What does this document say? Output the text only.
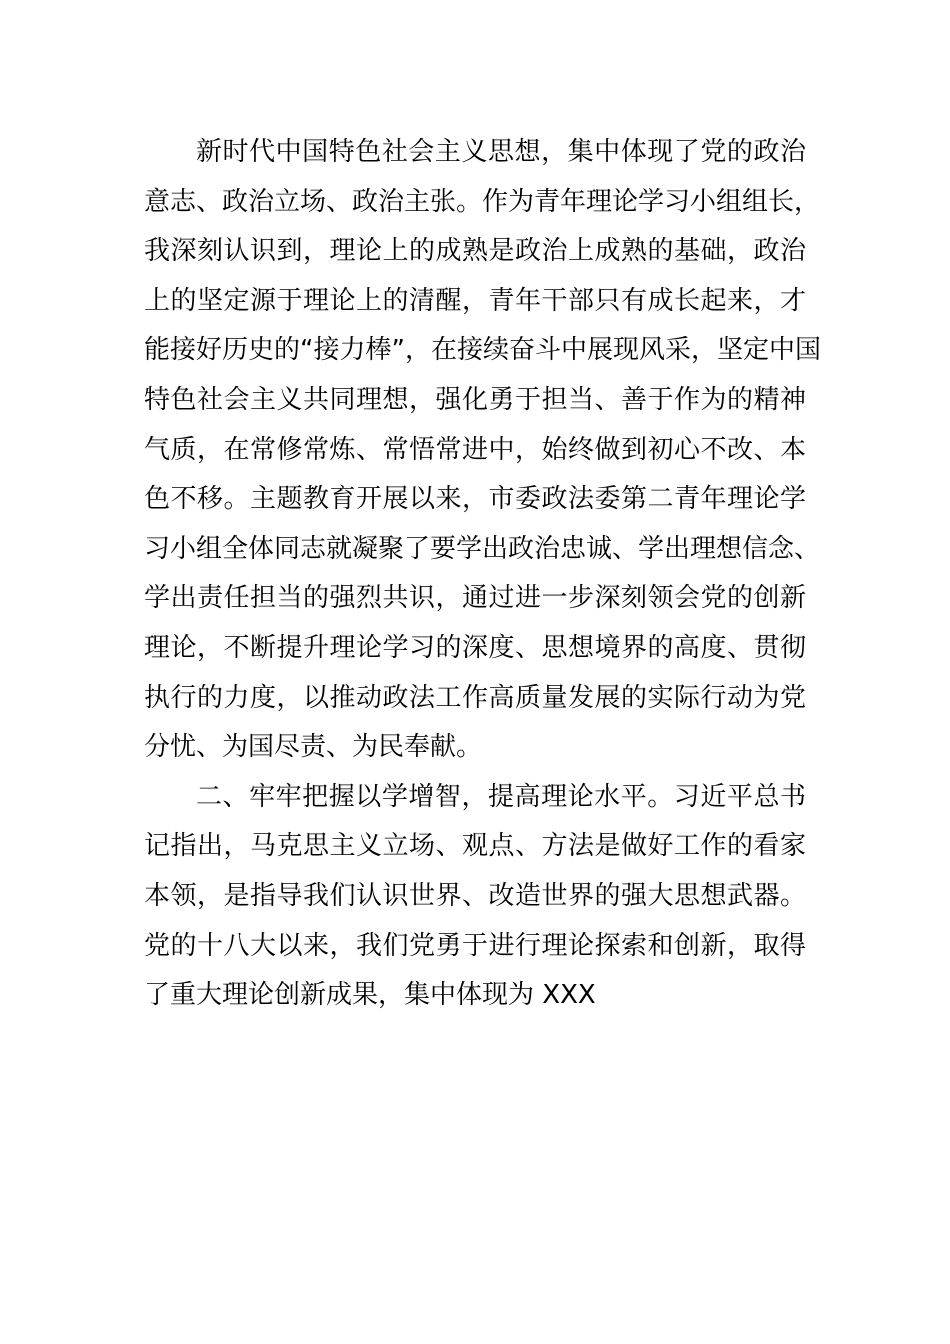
新时代中国特色社会主义思想，集中体现了党的政治
意志、政治立场、政治主张。作为青年理论学习小组组长，
我深刻认识到，理论上的成熟是政治上成熟的基础，政治
上的坚定源于理论上的清醒，青年干部只有成长起来，才
能接好历史的“接力棒”，在接续奋斗中展现风采，坚定中国
特色社会主义共同理想，强化勇于担当、善于作为的精神
气质，在常修常炼、常悟常进中，始终做到初心不改、本
色不移。主题教育开展以来，市委政法委第二青年理论学
习小组全体同志就凝聚了要学出政治忠诚、学出理想信念、
学出责任担当的强烈共识，通过进一步深刻领会党的创新
理论，不断提升理论学习的深度、思想境界的高度、贯彻
执行的力度，以推动政法工作高质量发展的实际行动为党
分忧、为国尽责、为民奉献。
二、牢牢把握以学增智，提高理论水平。习近平总书
记指出，马克思主义立场、观点、方法是做好工作的看家
本领，是指导我们认识世界、改造世界的强大思想武器。
党的十八大以来，我们党勇于进行理论探索和创新，取得
了重大理论创新成果，集中体现为 XXX
